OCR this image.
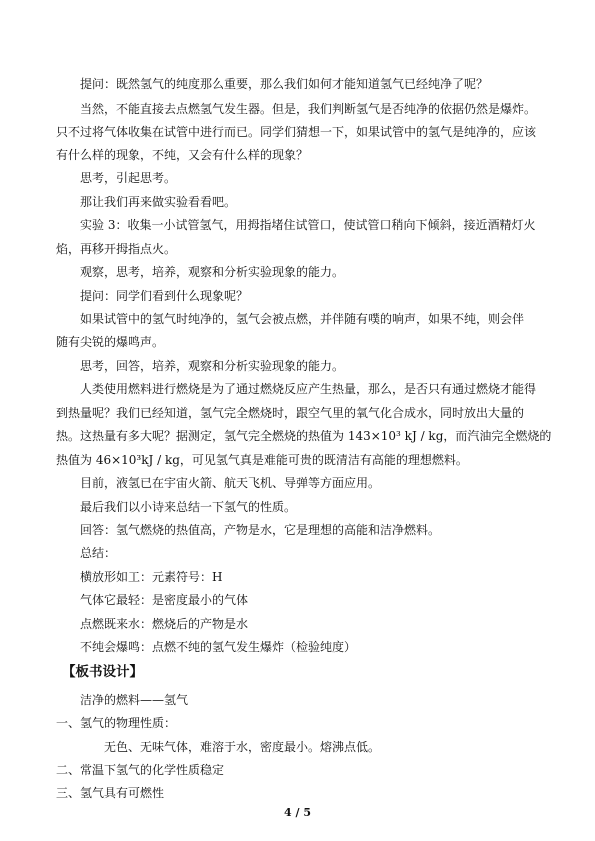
提问：既然氢气的纯度那么重要，那么我们如何才能知道氢气已经纯净了呢？
当然，不能直接去点燃氢气发生器。但是，我们判断氢气是否纯净的依据仍然是爆炸。
只不过将气体收集在试管中进行而已。同学们猜想一下，如果试管中的氢气是纯净的，应该
有什么样的现象，不纯，又会有什么样的现象？
思考，引起思考。
那让我们再来做实验看看吧。
实验 3：收集一小试管氢气，用拇指堵住试管口，使试管口稍向下倾斜，接近酒精灯火
焰，再移开拇指点火。
观察，思考，培养，观察和分析实验现象的能力。
提问：同学们看到什么现象呢？
如果试管中的氢气时纯净的，氢气会被点燃，并伴随有噗的响声，如果不纯，则会伴
随有尖锐的爆鸣声。
思考，回答，培养，观察和分析实验现象的能力。
人类使用燃料进行燃烧是为了通过燃烧反应产生热量，那么，是否只有通过燃烧才能得
到热量呢？我们已经知道，氢气完全燃烧时，跟空气里的氧气化合成水，同时放出大量的
热。这热量有多大呢？据测定，氢气完全燃烧的热值为 143×10³ kJ / kg，而汽油完全燃烧的
热值为 46×10³kJ / kg，可见氢气真是难能可贵的既清洁有高能的理想燃料。
目前，液氢已在宇宙火箭、航天飞机、导弹等方面应用。
最后我们以小诗来总结一下氢气的性质。
回答：氢气燃烧的热值高，产物是水，它是理想的高能和洁净燃料。
总结：
横放形如工：元素符号：H
气体它最轻：是密度最小的气体
点燃既来水：燃烧后的产物是水
不纯会爆鸣：点燃不纯的氢气发生爆炸（检验纯度）
【板书设计】
洁净的燃料——氢气
一、氢气的物理性质：
无色、无味气体，难溶于水，密度最小。熔沸点低。
二、常温下氢气的化学性质稳定
三、氢气具有可燃性
4 / 5
